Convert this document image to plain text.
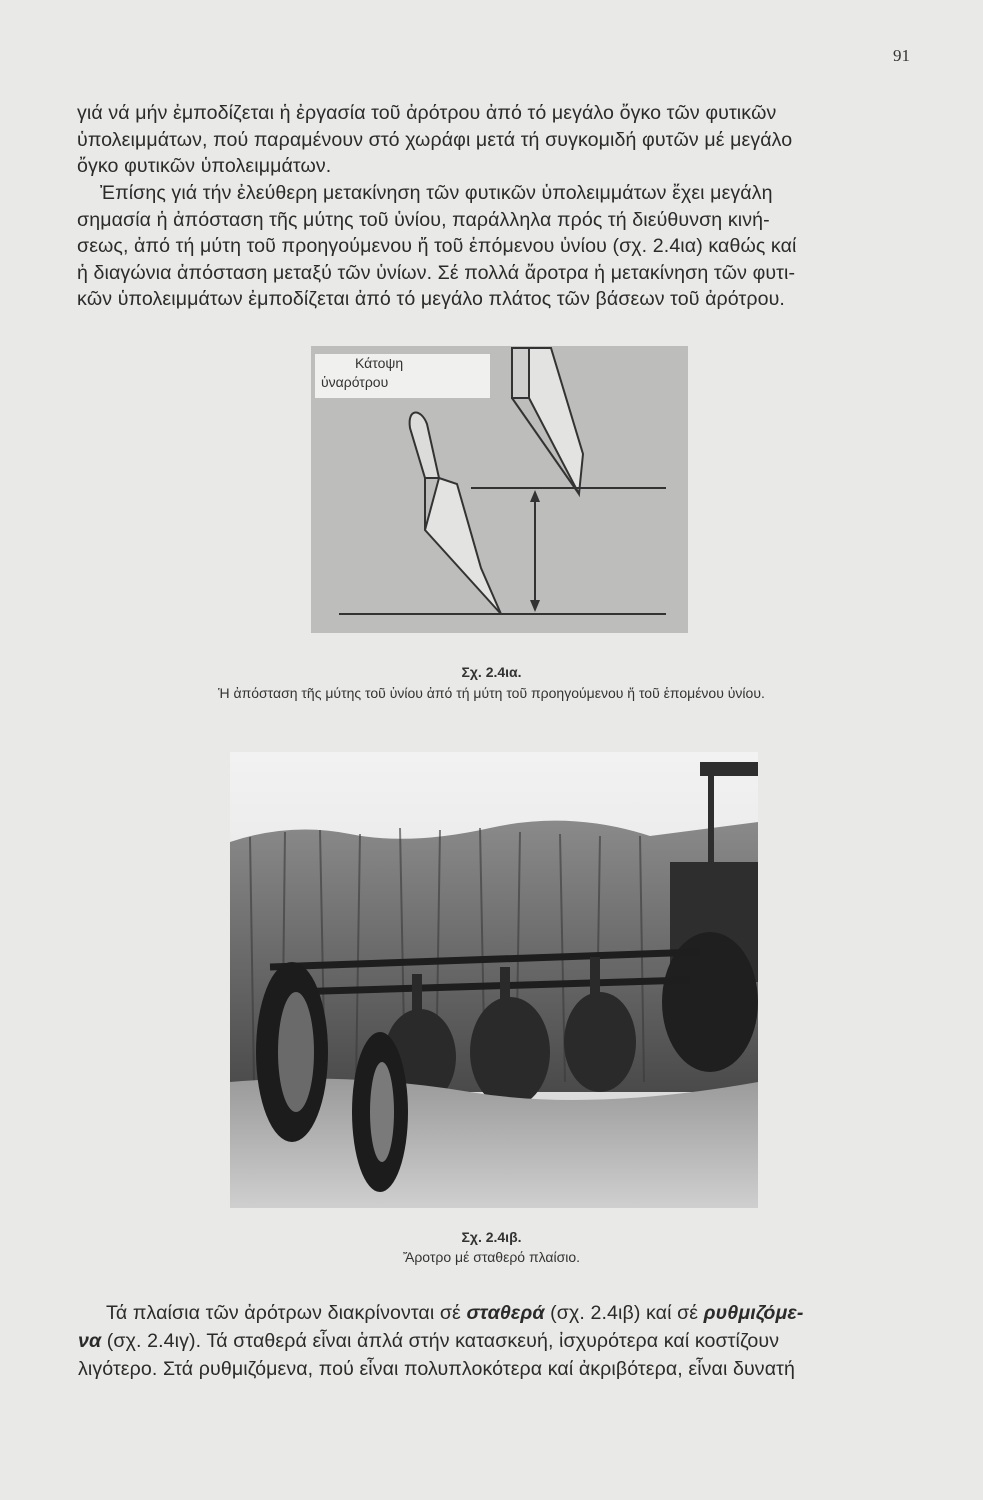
91
γιά νά μήν ἐμποδίζεται ἡ ἐργασία τοῦ ἀρότρου ἀπό τό μεγάλο ὄγκο τῶν φυτικῶν
ὑπολειμμάτων, πού παραμένουν στό χωράφι μετά τή συγκομιδή φυτῶν μέ μεγάλο
ὄγκο φυτικῶν ὑπολειμμάτων.
Ἐπίσης γιά τήν ἐλεύθερη μετακίνηση τῶν φυτικῶν ὑπολειμμάτων ἔχει μεγάλη
σημασία ἡ ἀπόσταση τῆς μύτης τοῦ ὑνίου, παράλληλα πρός τή διεύθυνση κινή-
σεως, ἀπό τή μύτη τοῦ προηγούμενου ἤ τοῦ ἑπόμενου ὑνίου (σχ. 2.4ια) καθώς καί
ἡ διαγώνια ἀπόσταση μεταξύ τῶν ὑνίων. Σέ πολλά ἄροτρα ἡ μετακίνηση τῶν φυτι-
κῶν ὑπολειμμάτων ἐμποδίζεται ἀπό τό μεγάλο πλάτος τῶν βάσεων τοῦ ἀρότρου.
Κάτοψη
ὑναρότρου
Σχ. 2.4ια.
Ἡ ἀπόσταση τῆς μύτης τοῦ ὑνίου ἀπό τή μύτη τοῦ προηγούμενου ἤ τοῦ ἑπομένου ὑνίου.
Σχ. 2.4ιβ.
Ἄροτρο μέ σταθερό πλαίσιο.
Τά πλαίσια τῶν ἀρότρων διακρίνονται σέ σταθερά (σχ. 2.4ιβ) καί σέ ρυθμιζόμε-
να (σχ. 2.4ιγ). Τά σταθερά εἶναι ἁπλά στήν κατασκευή, ἰσχυρότερα καί κοστίζουν
λιγότερο. Στά ρυθμιζόμενα, πού εἶναι πολυπλοκότερα καί ἀκριβότερα, εἶναι δυνατή
